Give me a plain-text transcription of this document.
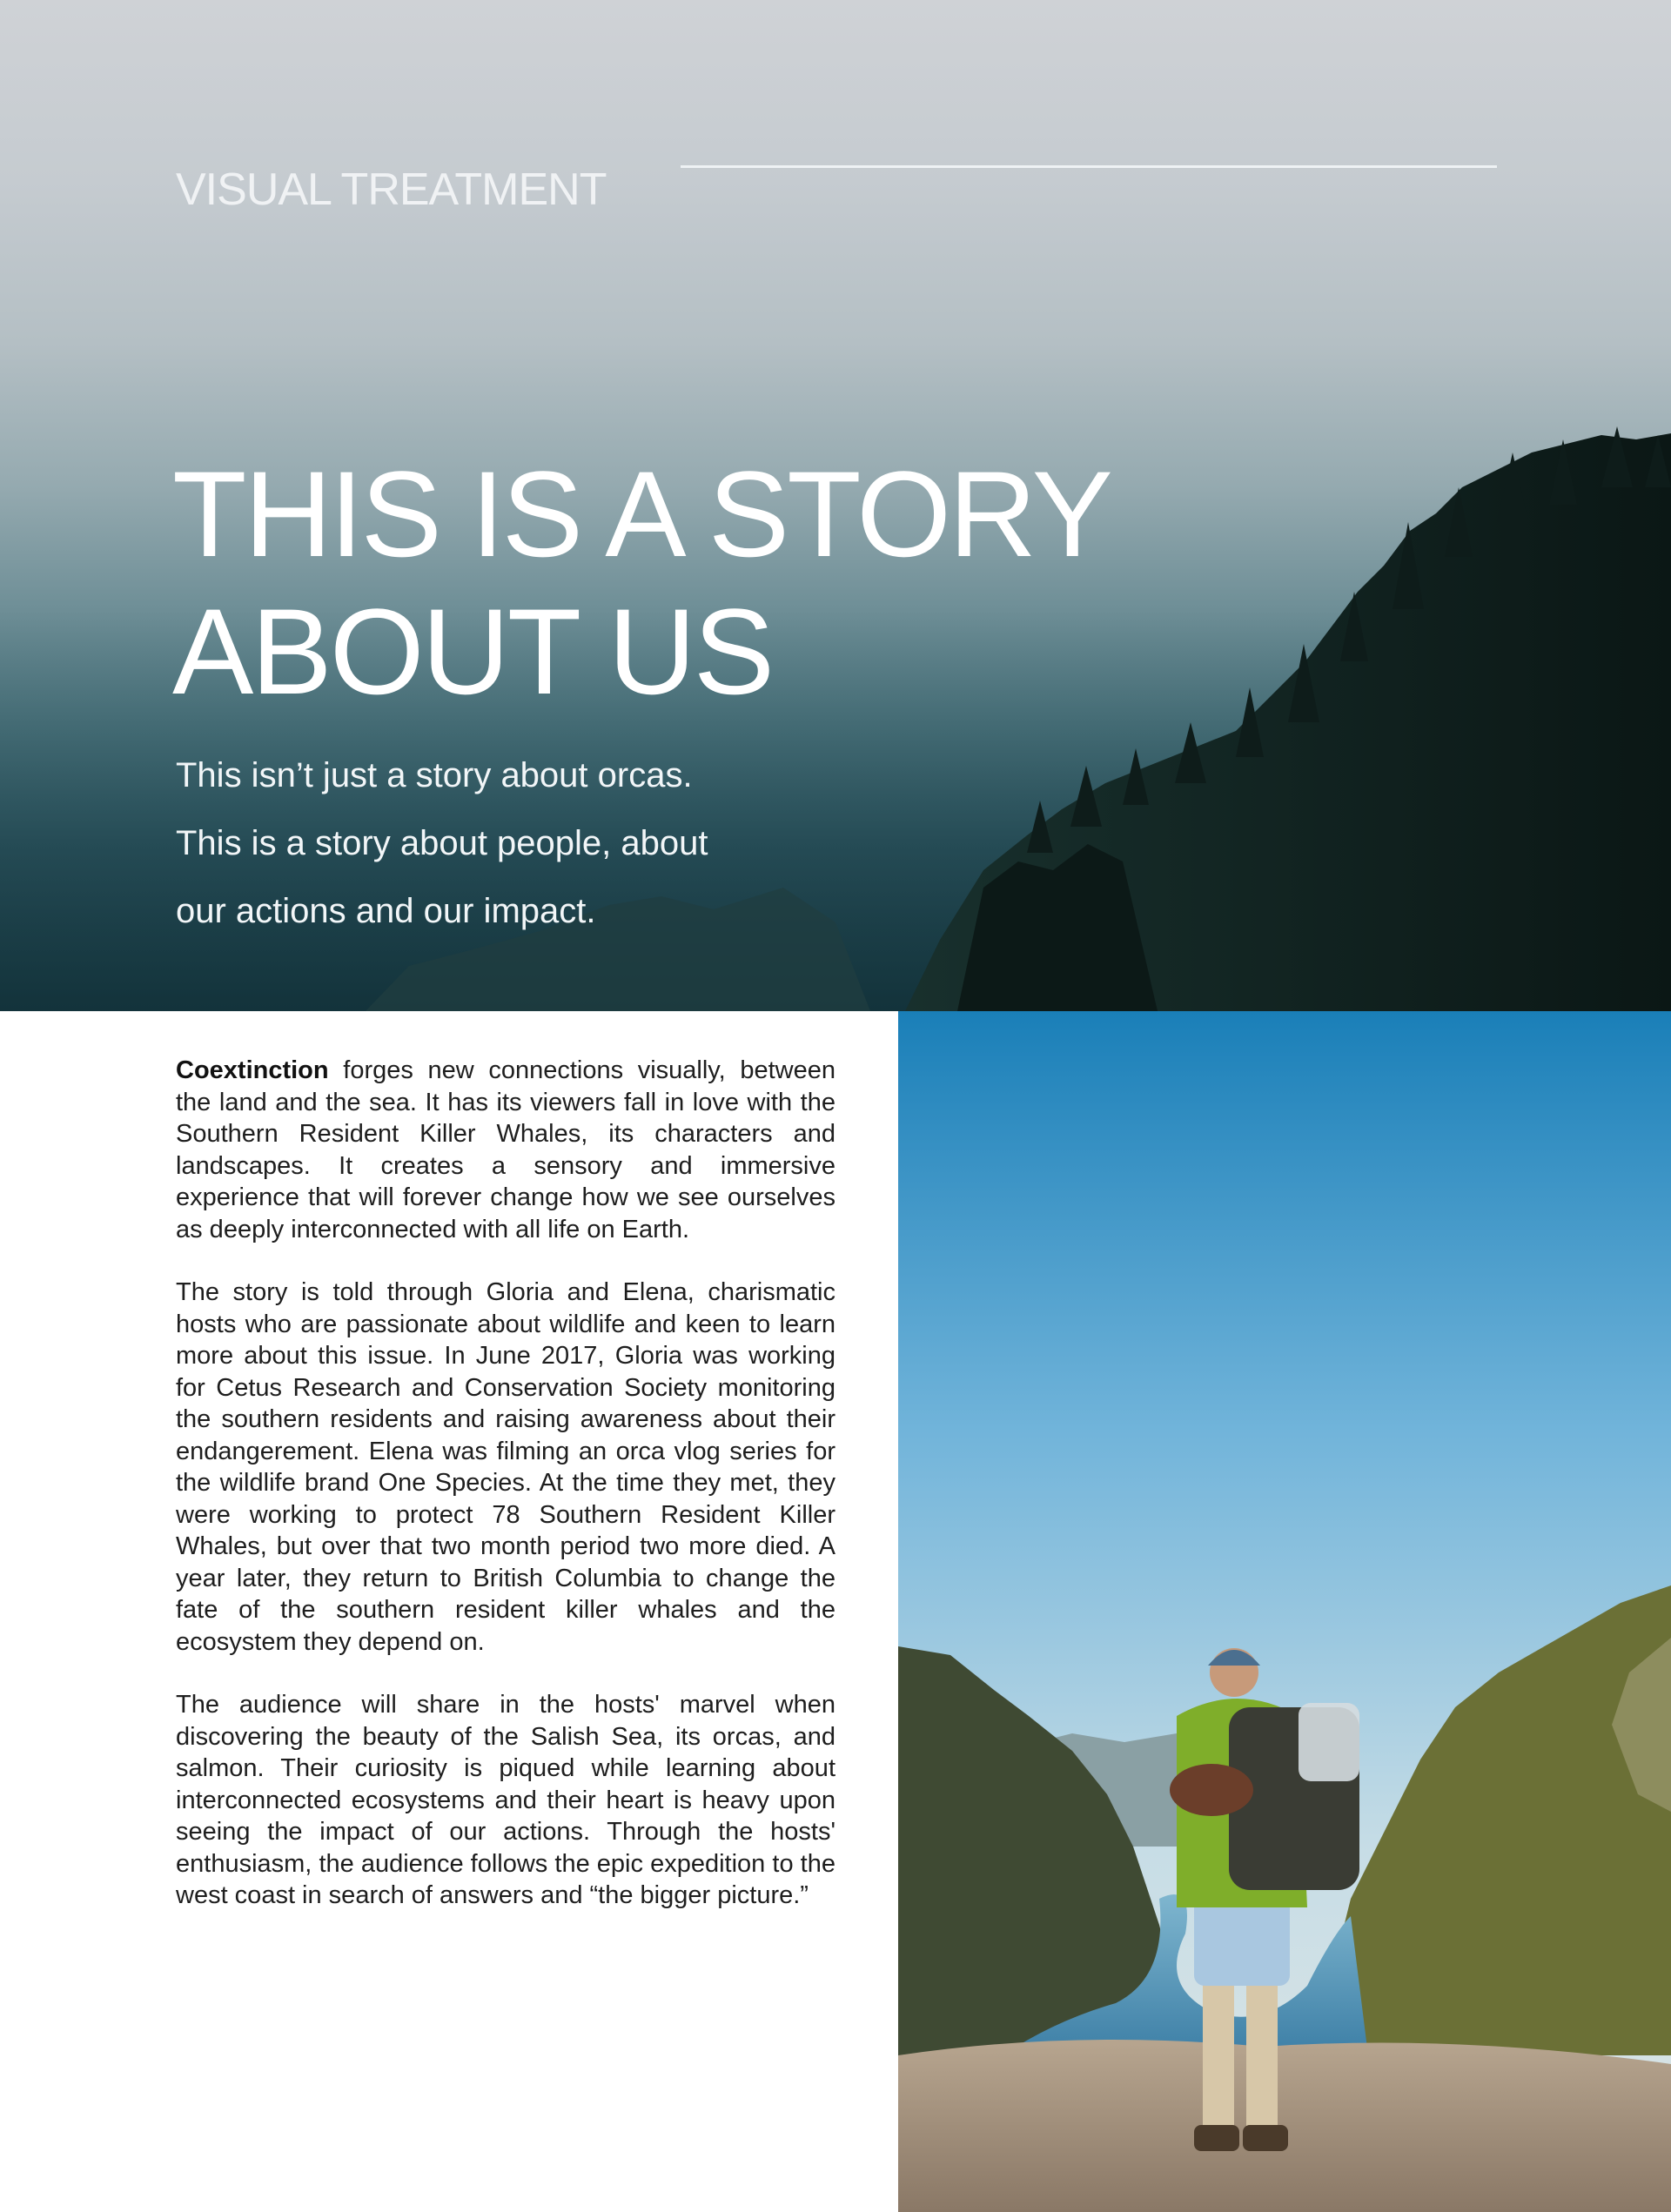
VISUAL TREATMENT
THIS IS A STORY
ABOUT US

This isn’t just a story about orcas.
This is a story about people, about
our actions and our impact.

Coextinction forges new connections visually, between the land and the sea. It has its viewers fall in love with the Southern Resident Killer Whales, its characters and landscapes. It creates a sensory and immersive experience that will forever change how we see ourselves as deeply interconnected with all life on Earth.

The story is told through Gloria and Elena, charismatic hosts who are passionate about wildlife and keen to learn more about this issue. In June 2017, Gloria was working for Cetus Research and Conservation Society monitoring the southern residents and raising awareness about their endangerement. Elena was filming an orca vlog series for the wildlife brand One Species. At the time they met, they were working to protect 78 Southern Resident Killer Whales, but over that two month period two more died. A year later, they return to British Columbia to change the fate of the southern resident killer whales and the ecosystem they depend on.

The audience will share in the hosts' marvel when discovering the beauty of the Salish Sea, its orcas, and salmon. Their curiosity is piqued while learning about interconnected ecosystems and their heart is heavy upon seeing the impact of our actions. Through the hosts' enthusiasm, the audience follows the epic expedition to the west coast in search of answers and “the bigger picture.”
